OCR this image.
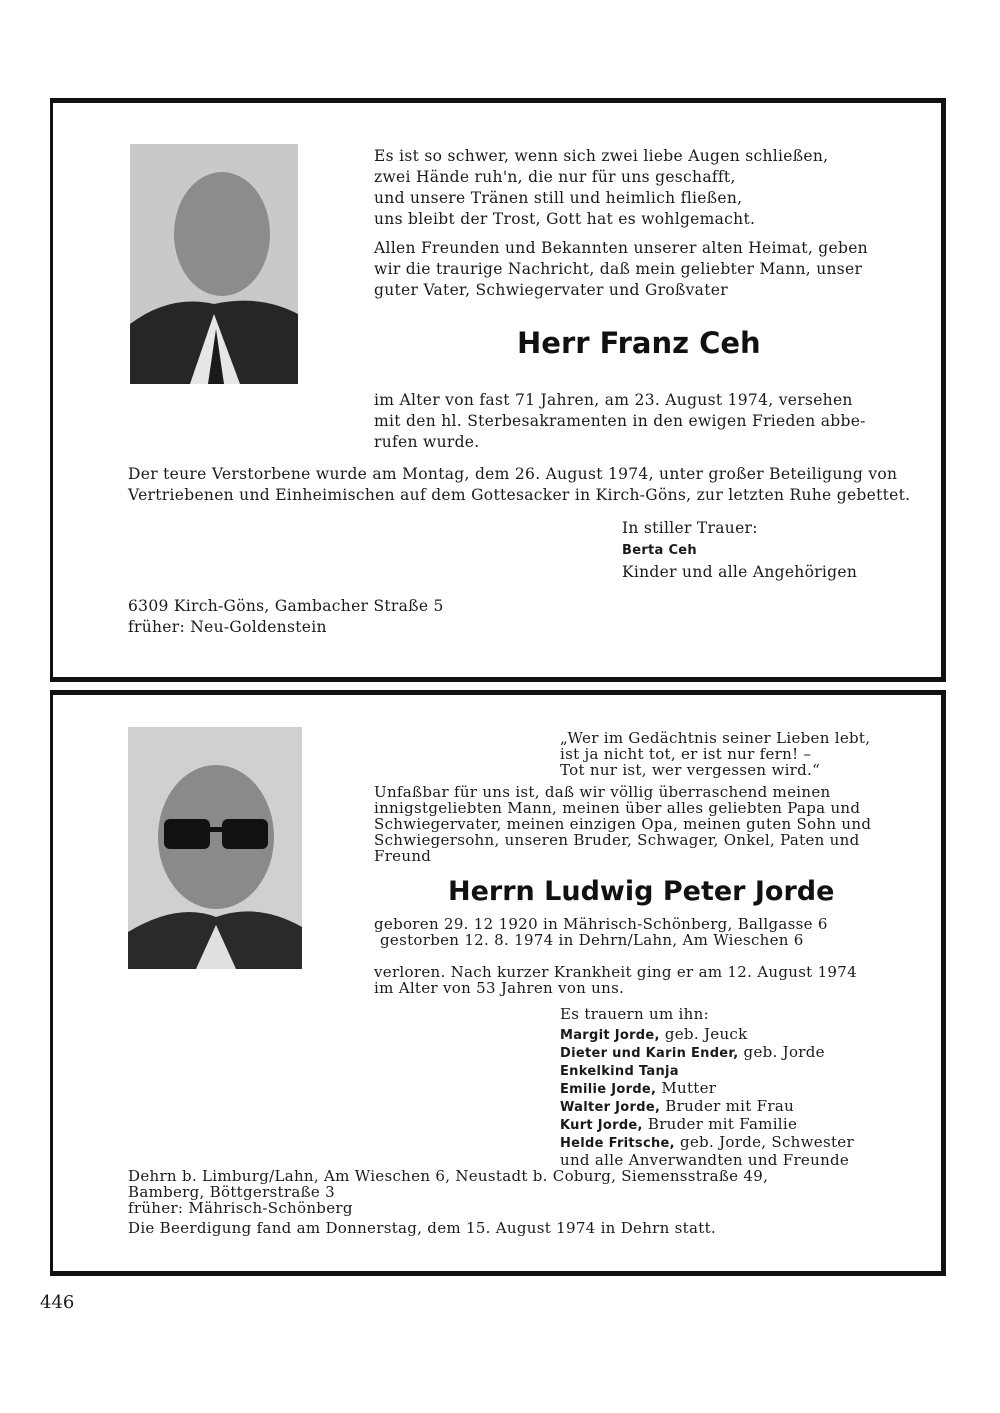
Es ist so schwer, wenn sich zwei liebe Augen schließen,
zwei Hände ruh'n, die nur für uns geschafft,
und unsere Tränen still und heimlich fließen,
uns bleibt der Trost, Gott hat es wohlgemacht.
Allen Freunden und Bekannten unserer alten Heimat, geben
wir die traurige Nachricht, daß mein geliebter Mann, unser
guter Vater, Schwiegervater und Großvater
Herr Franz Ceh
im Alter von fast 71 Jahren, am 23. August 1974, versehen
mit den hl. Sterbesakramenten in den ewigen Frieden abbe-
rufen wurde.
Der teure Verstorbene wurde am Montag, dem 26. August 1974, unter großer Beteiligung von
Vertriebenen und Einheimischen auf dem Gottesacker in Kirch-Göns, zur letzten Ruhe gebettet.
In stiller Trauer:
Berta Ceh
Kinder und alle Angehörigen
6309 Kirch-Göns, Gambacher Straße 5
früher: Neu-Goldenstein
„Wer im Gedächtnis seiner Lieben lebt,
ist ja nicht tot, er ist nur fern! –
Tot nur ist, wer vergessen wird.“
Unfaßbar für uns ist, daß wir völlig überraschend meinen
innigstgeliebten Mann, meinen über alles geliebten Papa und
Schwiegervater, meinen einzigen Opa, meinen guten Sohn und
Schwiegersohn, unseren Bruder, Schwager, Onkel, Paten und
Freund
Herrn Ludwig Peter Jorde
geboren 29. 12 1920 in Mährisch-Schönberg, Ballgasse 6
gestorben 12. 8. 1974 in Dehrn/Lahn, Am Wieschen 6
verloren. Nach kurzer Krankheit ging er am 12. August 1974
im Alter von 53 Jahren von uns.
Es trauern um ihn:
Margit Jorde, geb. Jeuck
Dieter und Karin Ender, geb. Jorde
Enkelkind Tanja
Emilie Jorde, Mutter
Walter Jorde, Bruder mit Frau
Kurt Jorde, Bruder mit Familie
Helde Fritsche, geb. Jorde, Schwester
und alle Anverwandten und Freunde
Dehrn b. Limburg/Lahn, Am Wieschen 6, Neustadt b. Coburg, Siemensstraße 49,
Bamberg, Böttgerstraße 3
früher: Mährisch-Schönberg
Die Beerdigung fand am Donnerstag, dem 15. August 1974 in Dehrn statt.
446
